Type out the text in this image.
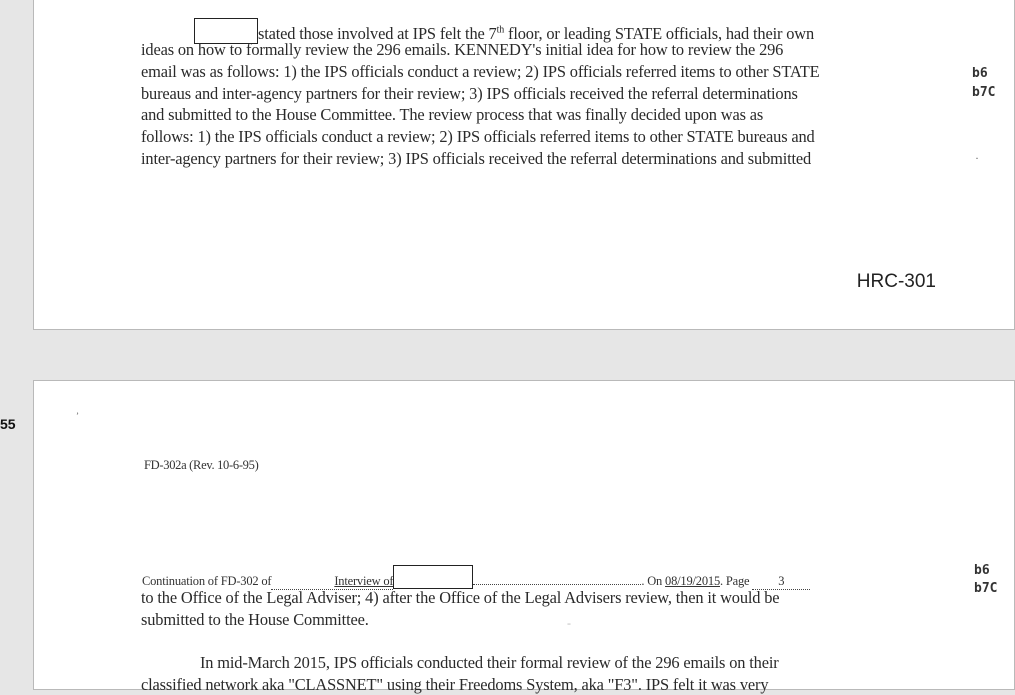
stated those involved at IPS felt the 7th floor, or leading STATE officials, had their own
ideas on how to formally review the 296 emails. KENNEDY's initial idea for how to review the 296
email was as follows: 1) the IPS officials conduct a review; 2) IPS officials referred items to other STATE
bureaus and inter-agency partners for their review; 3) IPS officials received the referral determinations
and submitted to the House Committee. The review process that was finally decided upon was as
follows: 1) the IPS officials conduct a review; 2) IPS officials referred items to other STATE bureaus and
inter-agency partners for their review; 3) IPS officials received the referral determinations and submitted
b6
b7C
·
HRC-301
55	ʼ
FD-302a (Rev. 10-6-95)
Continuation of FD-302 of	Interview of	. On 08/19/2015. Page 3
b6
b7C
to the Office of the Legal Adviser; 4) after the Office of the Legal Advisers review, then it would be
submitted to the House Committee.	-
In mid-March 2015, IPS officials conducted their formal review of the 296 emails on their
classified network aka "CLASSNET" using their Freedoms System, aka "F3". IPS felt it was very
